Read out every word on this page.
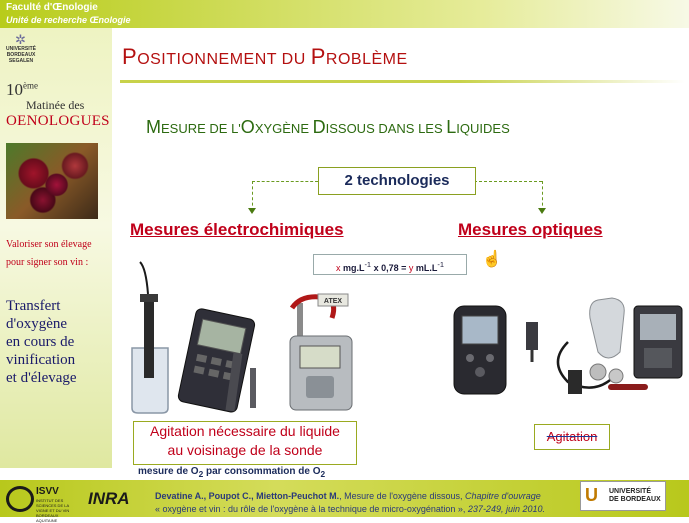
Faculté d'Œnologie
Unité de recherche Œnologie
✲
UNIVERSITÉ BORDEAUX SEGALEN
10ème
Matinée des
OENOLOGUES
Valoriser son élevage
pour signer son vin :
Transfert
d'oxygène
en cours de
vinification
et d'élevage
POSITIONNEMENT DU PROBLÈME
MESURE DE L'OXYGÈNE DISSOUS DANS LES LIQUIDES
2 technologies
Mesures électrochimiques	Mesures optiques
x $mg.L^{-1}$ x 0,78 = y $mL.L^{-1}$	☝
ATEX
Agitation nécessaire du liquide
au voisinage de la sonde
Agitation
mesure de $O_2$ par consommation de $O_2$
ISVV
INSTITUT DES SCIENCES DE LA VIGNE ET DU VIN BORDEAUX AQUITAINE
INRA	Devatine A., Poupot C., Mietton-Peuchot M., Mesure de l'oxygène dissous, Chapitre d'ouvrage
« oxygène et vin : du rôle de l'oxygène à la technique de micro-oxygénation », 237-249, juin 2010.
U UNIVERSITÉ
DE BORDEAUX
